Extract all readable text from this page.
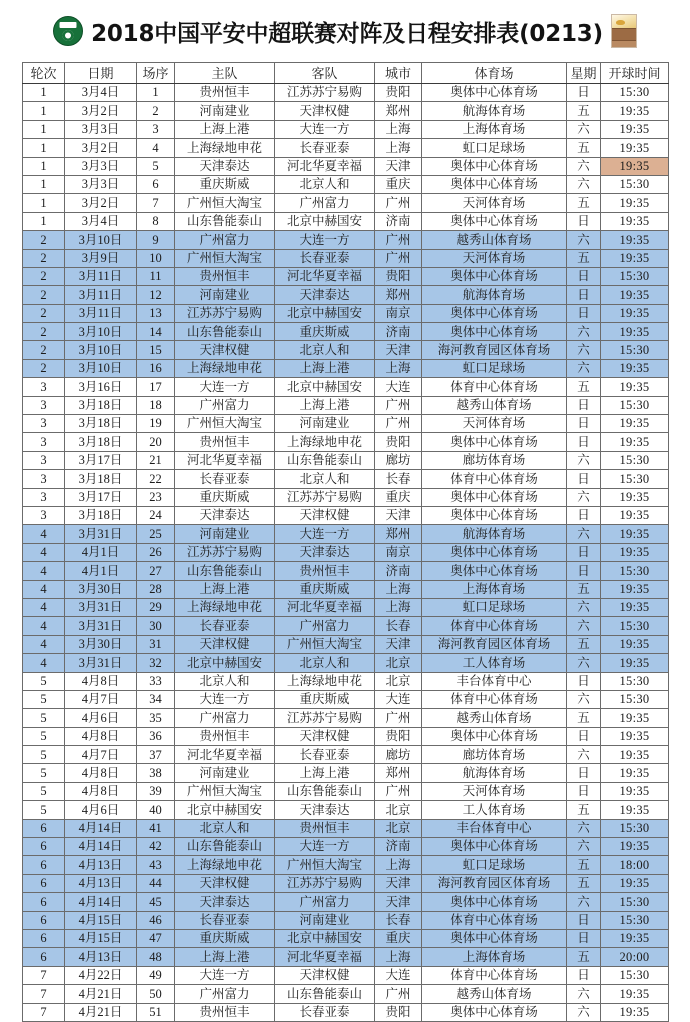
2018中国平安中超联赛对阵及日程安排表(0213)
轮次	日期	场序	主队	客队	城市	体育场	星期	开球时间	
1	3月4日	1	贵州恒丰	江苏苏宁易购	贵阳	奥体中心体育场	日	15:30	
1	3月2日	2	河南建业	天津权健	郑州	航海体育场	五	19:35	
1	3月3日	3	上海上港	大连一方	上海	上海体育场	六	19:35	
1	3月2日	4	上海绿地申花	长春亚泰	上海	虹口足球场	五	19:35	
1	3月3日	5	天津泰达	河北华夏幸福	天津	奥体中心体育场	六	19:35	
1	3月3日	6	重庆斯威	北京人和	重庆	奥体中心体育场	六	15:30	
1	3月2日	7	广州恒大淘宝	广州富力	广州	天河体育场	五	19:35	
1	3月4日	8	山东鲁能泰山	北京中赫国安	济南	奥体中心体育场	日	19:35	
2	3月10日	9	广州富力	大连一方	广州	越秀山体育场	六	19:35	
2	3月9日	10	广州恒大淘宝	长春亚泰	广州	天河体育场	五	19:35	
2	3月11日	11	贵州恒丰	河北华夏幸福	贵阳	奥体中心体育场	日	15:30	
2	3月11日	12	河南建业	天津泰达	郑州	航海体育场	日	19:35	
2	3月11日	13	江苏苏宁易购	北京中赫国安	南京	奥体中心体育场	日	19:35	
2	3月10日	14	山东鲁能泰山	重庆斯威	济南	奥体中心体育场	六	19:35	
2	3月10日	15	天津权健	北京人和	天津	海河教育园区体育场	六	15:30	
2	3月10日	16	上海绿地申花	上海上港	上海	虹口足球场	六	19:35	
3	3月16日	17	大连一方	北京中赫国安	大连	体育中心体育场	五	19:35	
3	3月18日	18	广州富力	上海上港	广州	越秀山体育场	日	15:30	
3	3月18日	19	广州恒大淘宝	河南建业	广州	天河体育场	日	19:35	
3	3月18日	20	贵州恒丰	上海绿地申花	贵阳	奥体中心体育场	日	19:35	
3	3月17日	21	河北华夏幸福	山东鲁能泰山	廊坊	廊坊体育场	六	15:30	
3	3月18日	22	长春亚泰	北京人和	长春	体育中心体育场	日	15:30	
3	3月17日	23	重庆斯威	江苏苏宁易购	重庆	奥体中心体育场	六	19:35	
3	3月18日	24	天津泰达	天津权健	天津	奥体中心体育场	日	19:35	
4	3月31日	25	河南建业	大连一方	郑州	航海体育场	六	19:35	
4	4月1日	26	江苏苏宁易购	天津泰达	南京	奥体中心体育场	日	19:35	
4	4月1日	27	山东鲁能泰山	贵州恒丰	济南	奥体中心体育场	日	15:30	
4	3月30日	28	上海上港	重庆斯威	上海	上海体育场	五	19:35	
4	3月31日	29	上海绿地申花	河北华夏幸福	上海	虹口足球场	六	19:35	
4	3月31日	30	长春亚泰	广州富力	长春	体育中心体育场	六	15:30	
4	3月30日	31	天津权健	广州恒大淘宝	天津	海河教育园区体育场	五	19:35	
4	3月31日	32	北京中赫国安	北京人和	北京	工人体育场	六	19:35	
5	4月8日	33	北京人和	上海绿地申花	北京	丰台体育中心	日	15:30	
5	4月7日	34	大连一方	重庆斯威	大连	体育中心体育场	六	15:30	
5	4月6日	35	广州富力	江苏苏宁易购	广州	越秀山体育场	五	19:35	
5	4月8日	36	贵州恒丰	天津权健	贵阳	奥体中心体育场	日	19:35	
5	4月7日	37	河北华夏幸福	长春亚泰	廊坊	廊坊体育场	六	19:35	
5	4月8日	38	河南建业	上海上港	郑州	航海体育场	日	19:35	
5	4月8日	39	广州恒大淘宝	山东鲁能泰山	广州	天河体育场	日	19:35	
5	4月6日	40	北京中赫国安	天津泰达	北京	工人体育场	五	19:35	
6	4月14日	41	北京人和	贵州恒丰	北京	丰台体育中心	六	15:30	
6	4月14日	42	山东鲁能泰山	大连一方	济南	奥体中心体育场	六	19:35	
6	4月13日	43	上海绿地申花	广州恒大淘宝	上海	虹口足球场	五	18:00	
6	4月13日	44	天津权健	江苏苏宁易购	天津	海河教育园区体育场	五	19:35	
6	4月14日	45	天津泰达	广州富力	天津	奥体中心体育场	六	15:30	
6	4月15日	46	长春亚泰	河南建业	长春	体育中心体育场	日	15:30	
6	4月15日	47	重庆斯威	北京中赫国安	重庆	奥体中心体育场	日	19:35	
6	4月13日	48	上海上港	河北华夏幸福	上海	上海体育场	五	20:00	
7	4月22日	49	大连一方	天津权健	大连	体育中心体育场	日	15:30	
7	4月21日	50	广州富力	山东鲁能泰山	广州	越秀山体育场	六	19:35	
7	4月21日	51	贵州恒丰	长春亚泰	贵阳	奥体中心体育场	六	19:35	
